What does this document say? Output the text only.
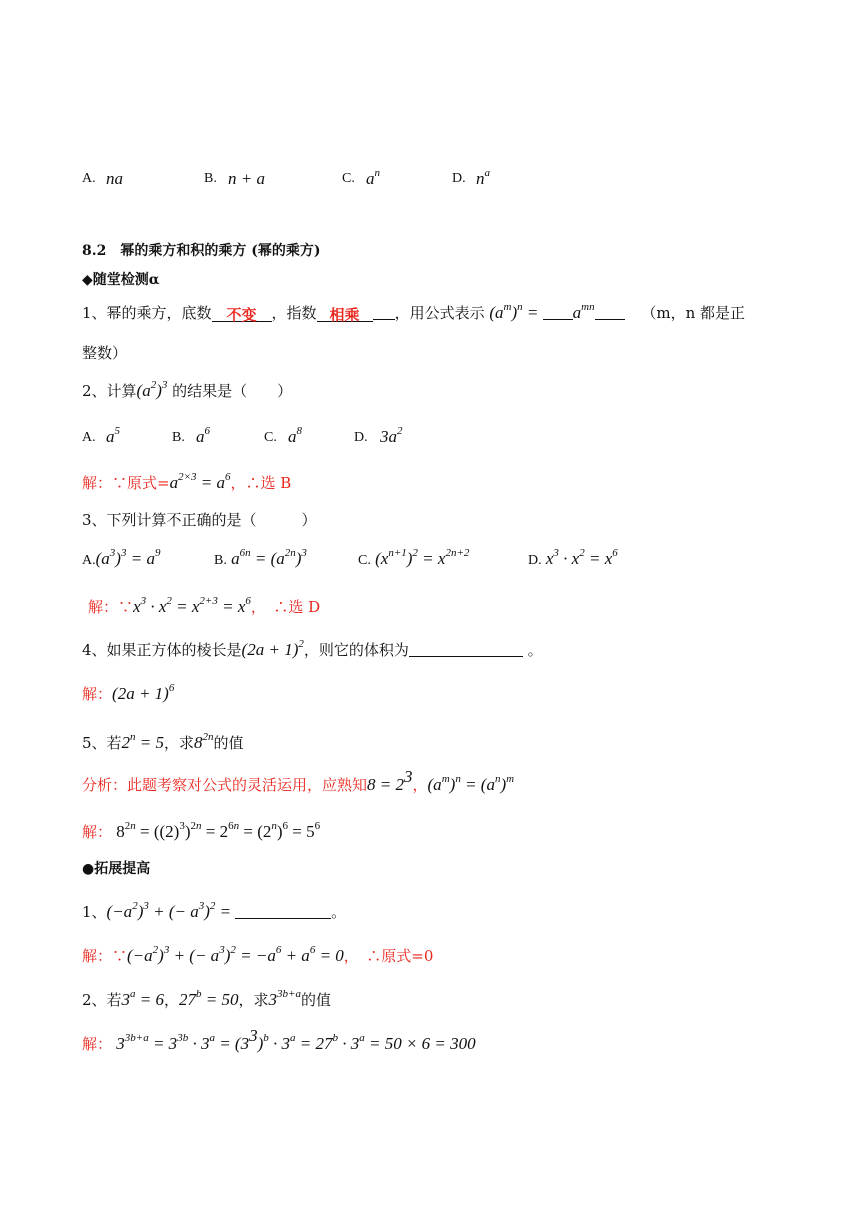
A. na	B. n + a	C. $a^n$	D. $n^a$
8.2　幂的乘方和积的乘方 (幂的乘方)
◆随堂检测α
1、幂的乘方，底数 不变 ，指数 相乘 ，用公式表示 $(a^m)^n = a^{mn}$	（m，n 都是正
整数）
2、计算$(a^2)^3$ 的结果是（　　）
A. $a^5$	B. $a^6$	C. $a^8$	D. $3a^2$
解：∵原式$=a^{2\times 3} = a^6$，∴选 B
3、下列计算不正确的是（　　　）
$A.(a^3)^3 = a^9$	B. $a^{6n} = (a^{2n})^3$	C. $(x^{n+1})^2 = x^{2n+2}$	D. $x^3 \cdot x^2 = x^6$
解：$\because x^3 \cdot x^2 = x^{2+3} = x^6$，　∴选 D
4、如果正方体的棱长是$(2a + 1)^2$，则它的体积为	。
解：$(2a + 1)^6$
5、若$2^n = 5$，求$8^{2n}$的值
分析：此题考察对公式的灵活运用，应熟知$8 = 2^3$，$(a^m)^n = (a^n)^m$
解： $8^{2n} = ((2)^3)^{2n} = 2^{6n} = (2^n)^6 = 5^6$
●拓展提高
1、$(-a^2)^3$ + (− $a^3)^2$ =	。
解：$\because(-a^2)^3$ + (− $a^3)^2 = -a^6 + a^6 = 0$，　∴原式=0
2、若$3^a = 6$，$27^b = 50$，求$3^{3b+a}$的值
解： $3^{3b+a} = 3^{3b} \cdot 3^a = (3^3)^b \cdot 3^a = 27^b \cdot 3^a = 50 \times 6 = 300$
